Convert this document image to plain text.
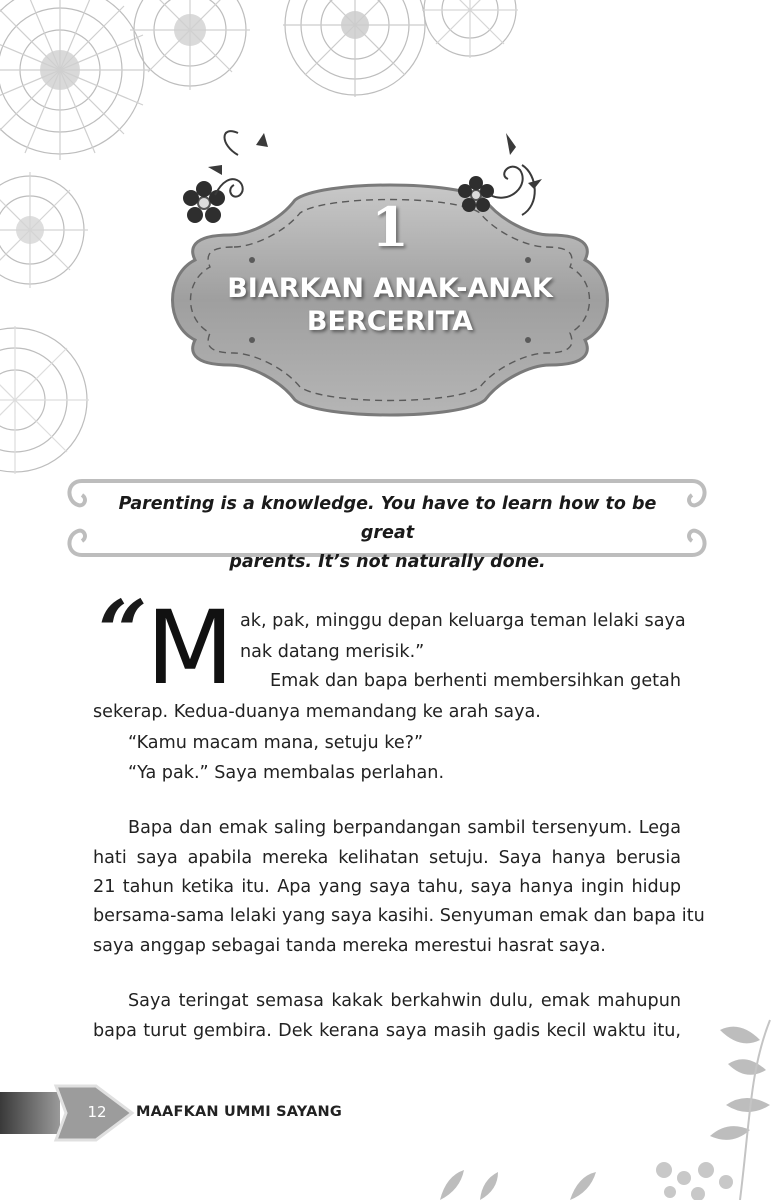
1
BIARKAN ANAK-ANAK
BERCERITA
Parenting is a knowledge. You have to learn how to be great
parents. It’s not naturally done.
“
M ak, pak, minggu depan keluarga teman lelaki saya
nak datang merisik.”
Emak dan bapa berhenti membersihkan getah
sekerap. Kedua-duanya memandang ke arah saya.
“Kamu macam mana, setuju ke?”
“Ya pak.” Saya membalas perlahan.
Bapa dan emak saling berpandangan sambil tersenyum. Lega
hati saya apabila mereka kelihatan setuju. Saya hanya berusia
21 tahun ketika itu. Apa yang saya tahu, saya hanya ingin hidup
bersama-sama lelaki yang saya kasihi. Senyuman emak dan bapa itu
saya anggap sebagai tanda mereka merestui hasrat saya.
Saya teringat semasa kakak berkahwin dulu, emak mahupun
bapa turut gembira. Dek kerana saya masih gadis kecil waktu itu,
12	MAAFKAN UMMI SAYANG
